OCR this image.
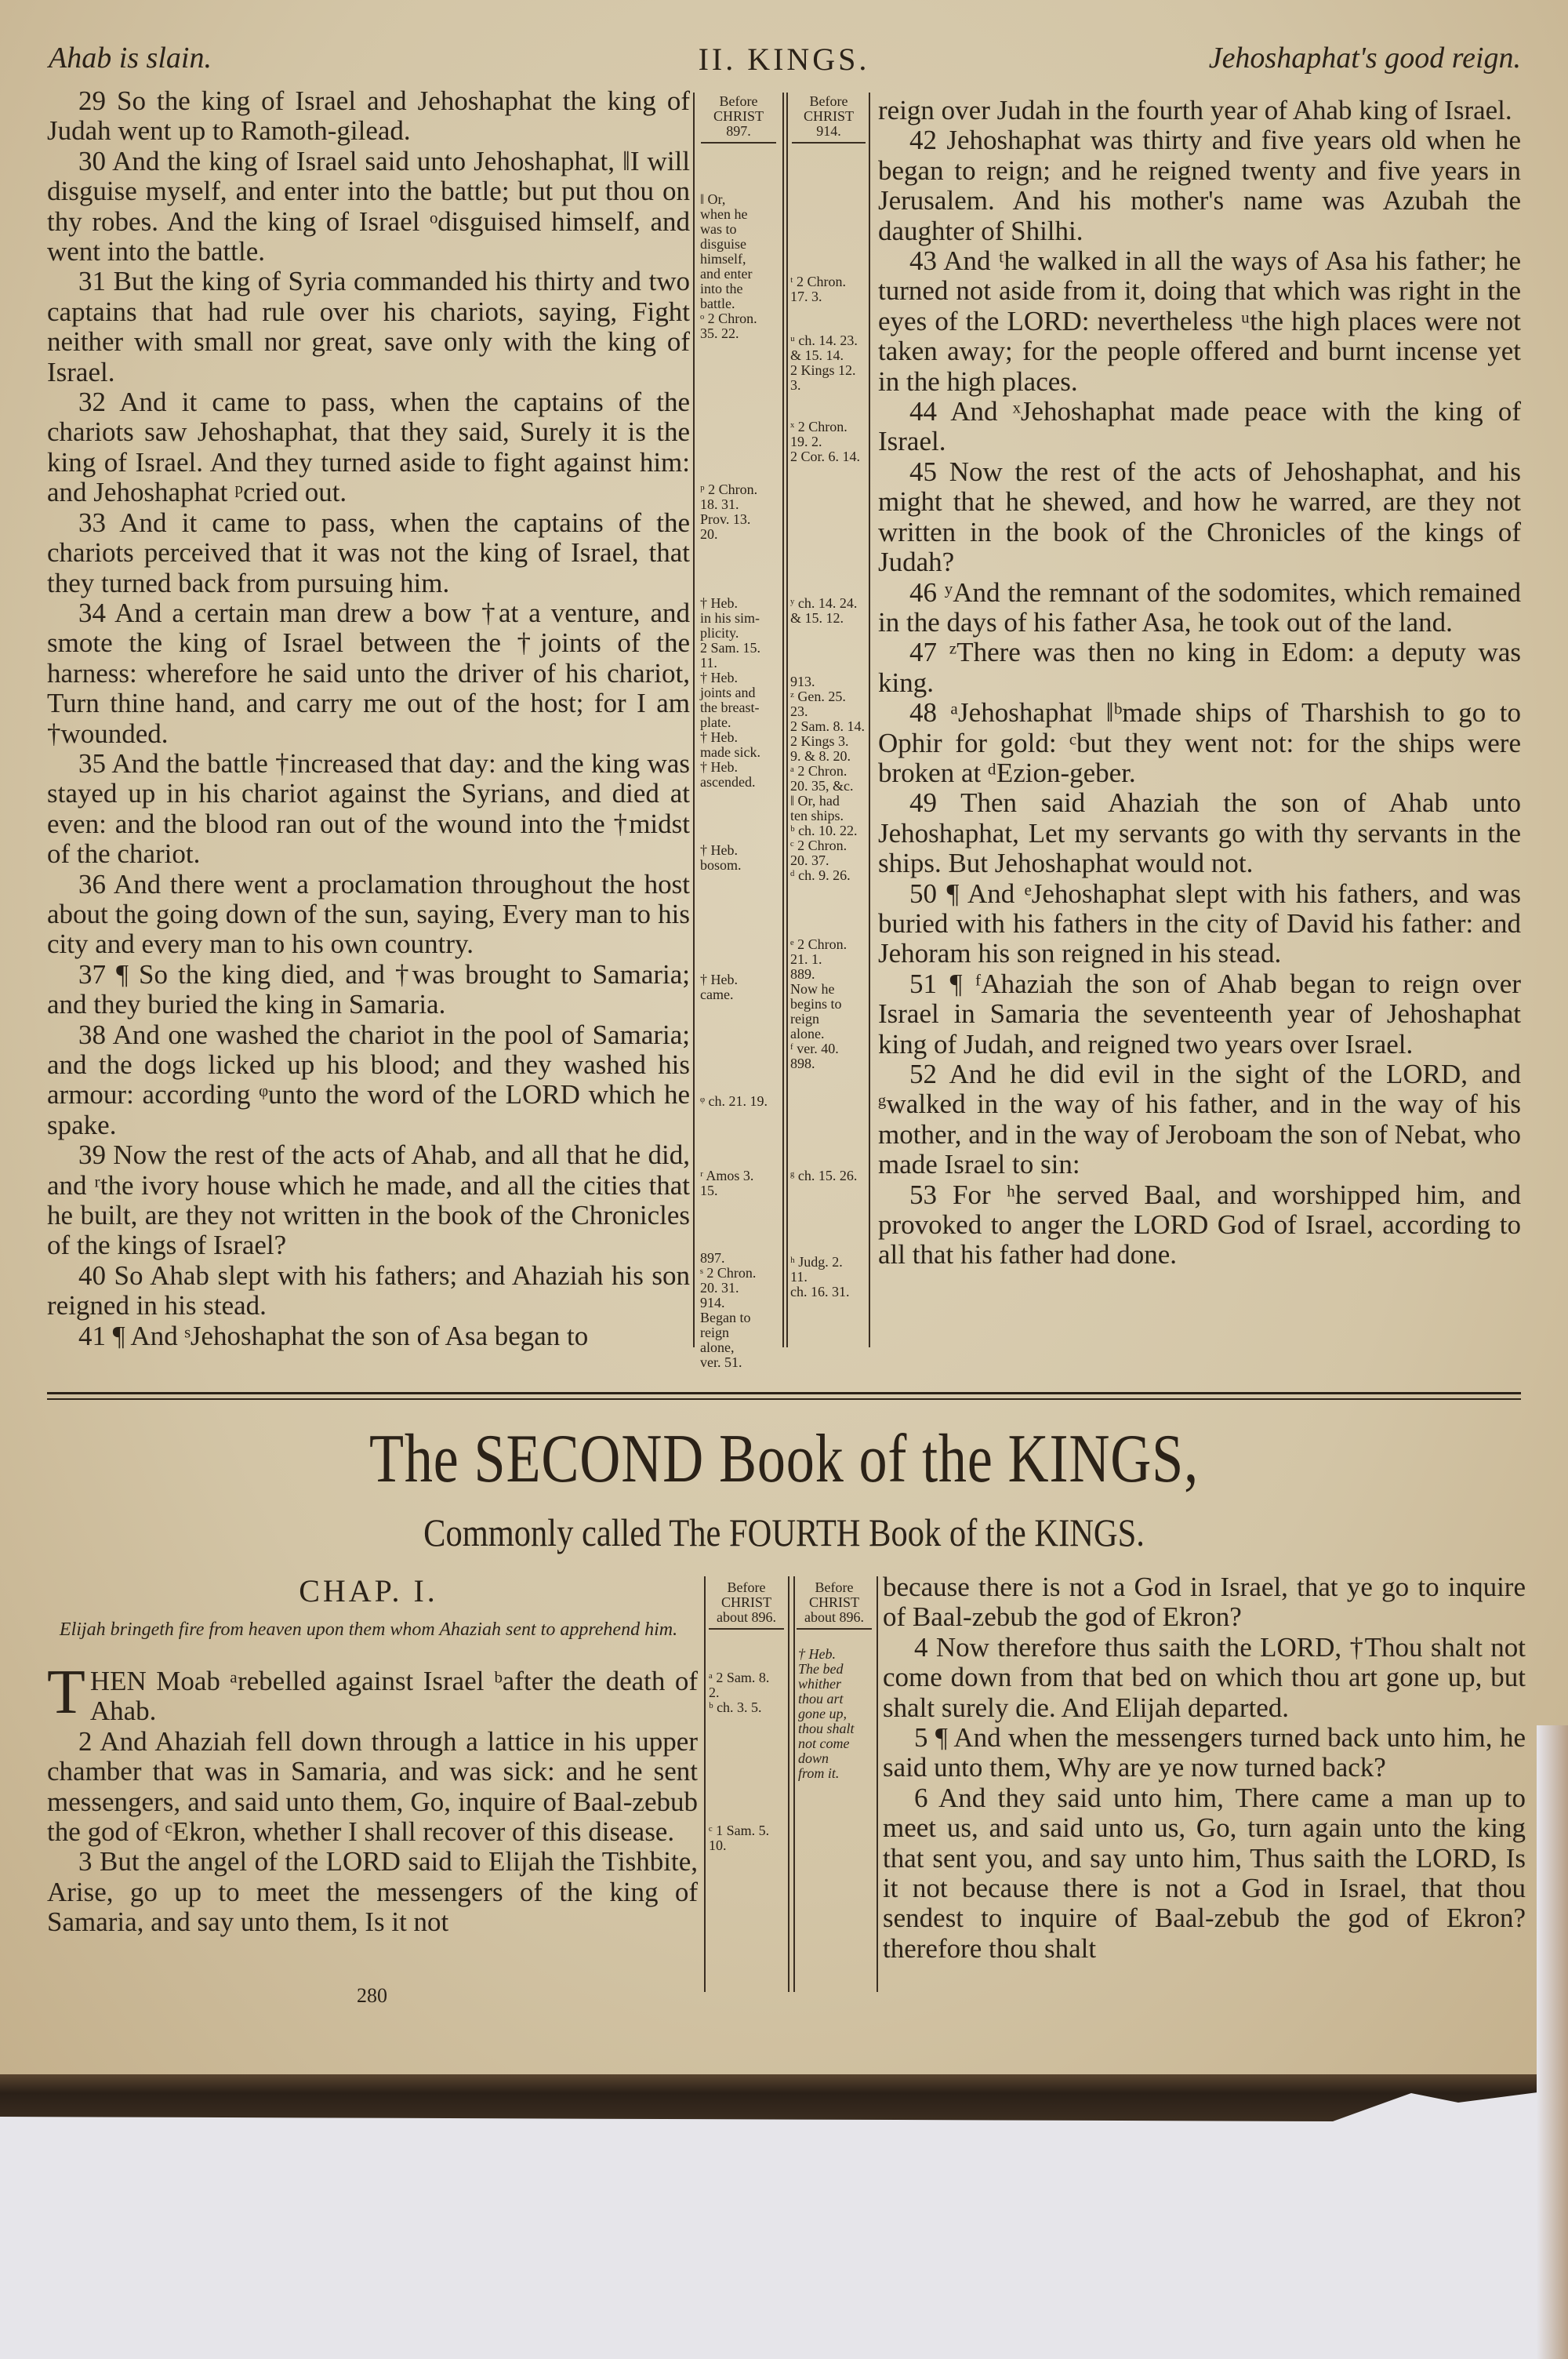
Ahab is slain.	II. KINGS.	Jehoshaphat's good reign.

29 So the king of Israel and Jehoshaphat the king of Judah went up to Ramoth-gilead.

30 And the king of Israel said unto Jehoshaphat, ‖I will disguise myself, and enter into the battle; but put thou on thy robes. And the king of Israel ᵒdisguised himself, and went into the battle.

31 But the king of Syria commanded his thirty and two captains that had rule over his chariots, saying, Fight neither with small nor great, save only with the king of Israel.

32 And it came to pass, when the captains of the chariots saw Jehoshaphat, that they said, Surely it is the king of Israel. And they turned aside to fight against him: and Jehoshaphat ᵖcried out.

33 And it came to pass, when the captains of the chariots perceived that it was not the king of Israel, that they turned back from pursuing him.

34 And a certain man drew a bow †at a venture, and smote the king of Israel between the †joints of the harness: wherefore he said unto the driver of his chariot, Turn thine hand, and carry me out of the host; for I am †wounded.

35 And the battle †increased that day: and the king was stayed up in his chariot against the Syrians, and died at even: and the blood ran out of the wound into the †midst of the chariot.

36 And there went a proclamation throughout the host about the going down of the sun, saying, Every man to his city and every man to his own country.

37 ¶ So the king died, and †was brought to Samaria; and they buried the king in Samaria.

38 And one washed the chariot in the pool of Samaria; and the dogs licked up his blood; and they washed his armour: according ᵠunto the word of the LORD which he spake.

39 Now the rest of the acts of Ahab, and all that he did, and ʳthe ivory house which he made, and all the cities that he built, are they not written in the book of the Chronicles of the kings of Israel?

40 So Ahab slept with his fathers; and Ahaziah his son reigned in his stead.

41 ¶ And ˢJehoshaphat the son of Asa began to

reign over Judah in the fourth year of Ahab king of Israel.

42 Jehoshaphat was thirty and five years old when he began to reign; and he reigned twenty and five years in Jerusalem. And his mother's name was Azubah the daughter of Shilhi.

43 And ᵗhe walked in all the ways of Asa his father; he turned not aside from it, doing that which was right in the eyes of the LORD: nevertheless ᵘthe high places were not taken away; for the people offered and burnt incense yet in the high places.

44 And ˣJehoshaphat made peace with the king of Israel.

45 Now the rest of the acts of Jehoshaphat, and his might that he shewed, and how he warred, are they not written in the book of the Chronicles of the kings of Judah?

46 ʸAnd the remnant of the sodomites, which remained in the days of his father Asa, he took out of the land.

47 ᶻThere was then no king in Edom: a deputy was king.

48 ᵃJehoshaphat ‖ᵇmade ships of Tharshish to go to Ophir for gold: ᶜbut they went not: for the ships were broken at ᵈEzion-geber.

49 Then said Ahaziah the son of Ahab unto Jehoshaphat, Let my servants go with thy servants in the ships. But Jehoshaphat would not.

50 ¶ And ᵉJehoshaphat slept with his fathers, and was buried with his fathers in the city of David his father: and Jehoram his son reigned in his stead.

51 ¶ ᶠAhaziah the son of Ahab began to reign over Israel in Samaria the seventeenth year of Jehoshaphat king of Judah, and reigned two years over Israel.

52 And he did evil in the sight of the LORD, and ᵍwalked in the way of his father, and in the way of his mother, and in the way of Jeroboam the son of Nebat, who made Israel to sin:

53 For ʰhe served Baal, and worshipped him, and provoked to anger the LORD God of Israel, according to all that his father had done.

Before
CHRIST
897.
Before
CHRIST
914.
The SECOND Book of the KINGS,
Commonly called The FOURTH Book of the KINGS.
CHAP. I.
Elijah bringeth fire from heaven upon them whom Ahaziah sent to apprehend him.

THEN Moab ᵃrebelled against Israel ᵇafter the death of Ahab.

2 And Ahaziah fell down through a lattice in his upper chamber that was in Samaria, and was sick: and he sent messengers, and said unto them, Go, inquire of Baal-zebub the god of ᶜEkron, whether I shall recover of this disease.

3 But the angel of the LORD said to Elijah the Tishbite, Arise, go up to meet the messengers of the king of Samaria, and say unto them, Is it not

because there is not a God in Israel, that ye go to inquire of Baal-zebub the god of Ekron?

4 Now therefore thus saith the LORD, †Thou shalt not come down from that bed on which thou art gone up, but shalt surely die. And Elijah departed.

5 ¶ And when the messengers turned back unto him, he said unto them, Why are ye now turned back?

6 And they said unto him, There came a man up to meet us, and said unto us, Go, turn again unto the king that sent you, and say unto him, Thus saith the LORD, Is it not because there is not a God in Israel, that thou sendest to inquire of Baal-zebub the god of Ekron? therefore thou shalt

Before
CHRIST
about 896.
Before
CHRIST
about 896.
ᵃ 2 Sam. 8.
2.
ᵇ ch. 3. 5.
ᶜ 1 Sam. 5.
10.
† Heb.
The bed
whither
thou art
gone up,
thou shalt
not come
down
from it.
280
‖ Or,
when he
was to
disguise
himself,
and enter
into the
battle.
ᵒ 2 Chron.
35. 22.
ᵖ 2 Chron.
18. 31.
Prov. 13.
20.
† Heb.
in his sim-
plicity.
2 Sam. 15.
11.
† Heb.
joints and
the breast-
plate.
† Heb.
made sick.
† Heb.
ascended.
† Heb.
bosom.
† Heb.
came.
ᵠ ch. 21. 19.
ʳ Amos 3.
15.
897.
ˢ 2 Chron.
20. 31.
914.
Began to
reign
alone,
ver. 51.
ᵗ 2 Chron.
17. 3.
ᵘ ch. 14. 23.
& 15. 14.
2 Kings 12.
3.
ˣ 2 Chron.
19. 2.
2 Cor. 6. 14.
ʸ ch. 14. 24.
& 15. 12.
913.
ᶻ Gen. 25.
23.
2 Sam. 8. 14.
2 Kings 3.
9. & 8. 20.
ᵃ 2 Chron.
20. 35, &c.
‖ Or, had
ten ships.
ᵇ ch. 10. 22.
ᶜ 2 Chron.
20. 37.
ᵈ ch. 9. 26.
ᵉ 2 Chron.
21. 1.
889.
Now he
begins to
reign
alone.
ᶠ ver. 40.
898.
ᵍ ch. 15. 26.
ʰ Judg. 2.
11.
ch. 16. 31.
